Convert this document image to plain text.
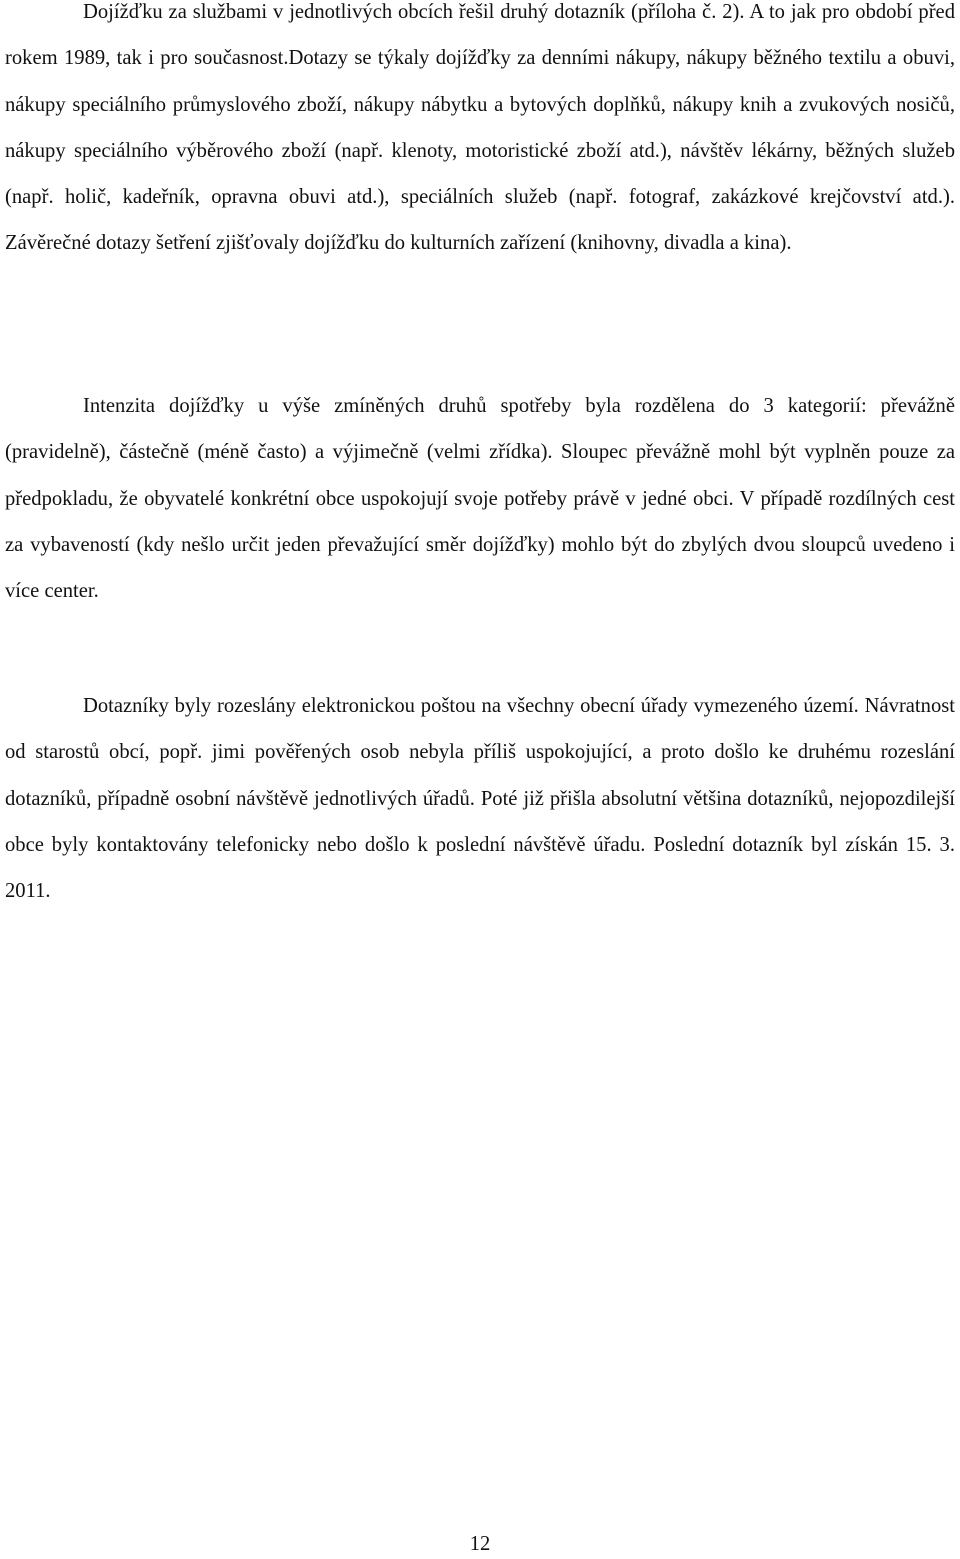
Dojížďku za službami v jednotlivých obcích řešil druhý dotazník (příloha č. 2). A to jak pro období před rokem 1989, tak i pro současnost.Dotazy se týkaly dojížďky za denními nákupy, nákupy běžného textilu a obuvi, nákupy speciálního průmyslového zboží, nákupy nábytku a bytových doplňků, nákupy knih a zvukových nosičů, nákupy speciálního výběrového zboží (např. klenoty, motoristické zboží atd.), návštěv lékárny, běžných služeb (např. holič, kadeřník, opravna obuvi atd.), speciálních služeb (např. fotograf, zakázkové krejčovství atd.). Závěrečné dotazy šetření zjišťovaly dojížďku do kulturních zařízení (knihovny, divadla a kina).

Intenzita dojížďky u výše zmíněných druhů spotřeby byla rozdělena do 3 kategorií: převážně (pravidelně), částečně (méně často) a výjimečně (velmi zřídka). Sloupec převážně mohl být vyplněn pouze za předpokladu, že obyvatelé konkrétní obce uspokojují svoje potřeby právě v jedné obci. V případě rozdílných cest za vybaveností (kdy nešlo určit jeden převažující směr dojížďky) mohlo být do zbylých dvou sloupců uvedeno i více center.

Dotazníky byly rozeslány elektronickou poštou na všechny obecní úřady vymezeného území. Návratnost od starostů obcí, popř. jimi pověřených osob nebyla příliš uspokojující, a proto došlo ke druhému rozeslání dotazníků, případně osobní návštěvě jednotlivých úřadů. Poté již přišla absolutní většina dotazníků, nejopozdilejší obce byly kontaktovány telefonicky nebo došlo k poslední návštěvě úřadu. Poslední dotazník byl získán 15. 3. 2011.

12
